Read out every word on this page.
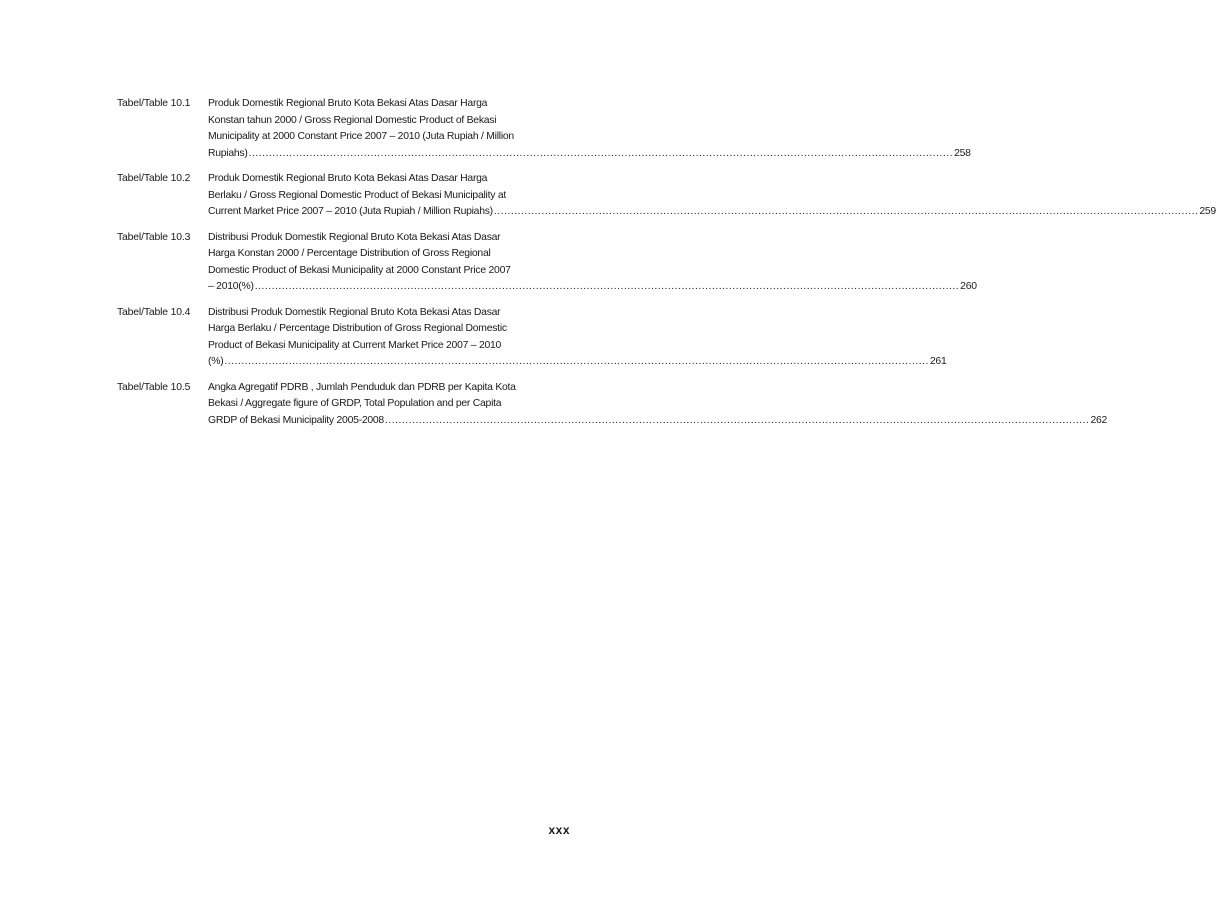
Tabel/Table 10.1	Produk Domestik Regional Bruto Kota Bekasi Atas Dasar Harga
Konstan tahun 2000 / Gross Regional Domestic Product of Bekasi
Municipality at 2000 Constant Price 2007 – 2010 (Juta Rupiah / Million
Rupiahs) .....	258
Tabel/Table 10.2	Produk Domestik Regional Bruto Kota Bekasi Atas Dasar Harga
Berlaku / Gross Regional Domestic Product of Bekasi Municipality at
Current Market Price 2007 – 2010 (Juta Rupiah / Million Rupiahs) .....	259
Tabel/Table 10.3	Distribusi Produk Domestik Regional Bruto Kota Bekasi Atas Dasar
Harga Konstan 2000 / Percentage Distribution of Gross Regional
Domestic Product of Bekasi Municipality at 2000 Constant Price 2007
– 2010(%) .....	260
Tabel/Table 10.4	Distribusi Produk Domestik Regional Bruto Kota Bekasi Atas Dasar
Harga Berlaku / Percentage Distribution of Gross Regional Domestic
Product of Bekasi Municipality at Current Market Price 2007 – 2010
(%) .....	261
Tabel/Table 10.5	Angka Agregatif PDRB , Jumlah Penduduk dan PDRB per Kapita Kota
Bekasi / Aggregate figure of GRDP, Total Population and per Capita
GRDP of Bekasi Municipality 2005-2008 .....	262
xxx
